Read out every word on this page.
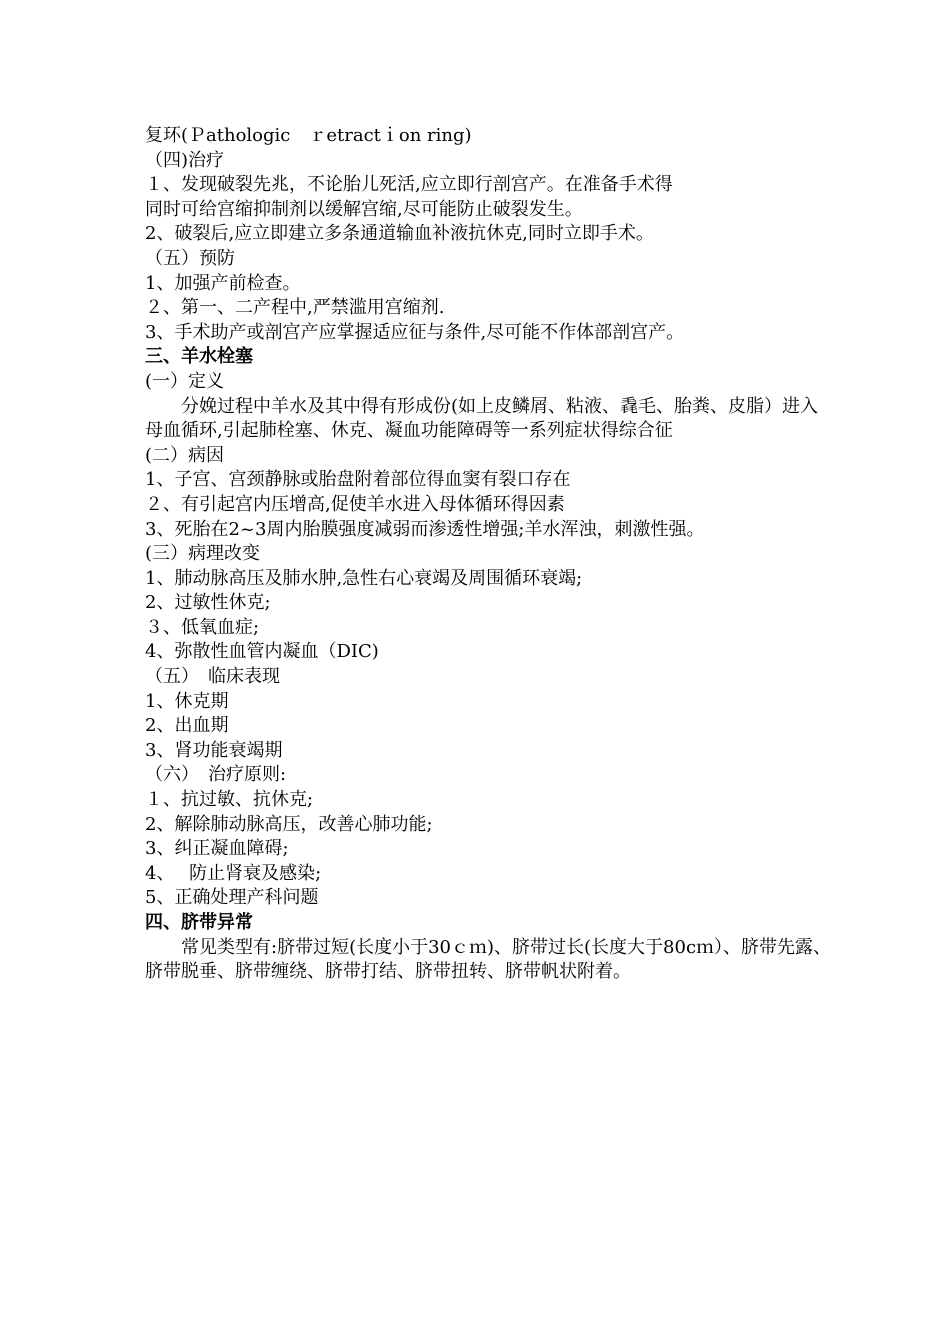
复环(Ｐathologic　ｒetractｉon ring)

（四)治疗

１、发现破裂先兆，不论胎儿死活,应立即行剖宫产。在准备手术得

同时可给宫缩抑制剂以缓解宫缩,尽可能防止破裂发生。

2、破裂后,应立即建立多条通道输血补液抗休克,同时立即手术。

（五）预防

1、加强产前检查。

２、第一、二产程中,严禁滥用宫缩剂.

3、手术助产或剖宫产应掌握适应征与条件,尽可能不作体部剖宫产。

三、羊水栓塞

(一）定义

分娩过程中羊水及其中得有形成份(如上皮鳞屑、粘液、毳毛、胎粪、皮脂）进入母血循环,引起肺栓塞、休克、凝血功能障碍等一系列症状得综合征

(二）病因

1、子宫、宫颈静脉或胎盘附着部位得血窦有裂口存在

２、有引起宫内压增高,促使羊水进入母体循环得因素

3、死胎在2~3周内胎膜强度减弱而渗透性增强;羊水浑浊，刺激性强。

(三）病理改变

1、肺动脉高压及肺水肿,急性右心衰竭及周围循环衰竭;

2、过敏性休克;

３、低氧血症;

4、弥散性血管内凝血（DIC)

（五）　临床表现

1、休克期

2、出血期

3、肾功能衰竭期

（六）　治疗原则:

１、抗过敏、抗休克;

2、解除肺动脉高压，改善心肺功能;

3、纠正凝血障碍;

4、　 防止肾衰及感染;

5、正确处理产科问题

四、脐带异常

常见类型有:脐带过短(长度小于30ｃｍ)、脐带过长(长度大于80cｍ）、脐带先露、脐带脱垂、脐带缠绕、脐带打结、脐带扭转、脐带帆状附着。
